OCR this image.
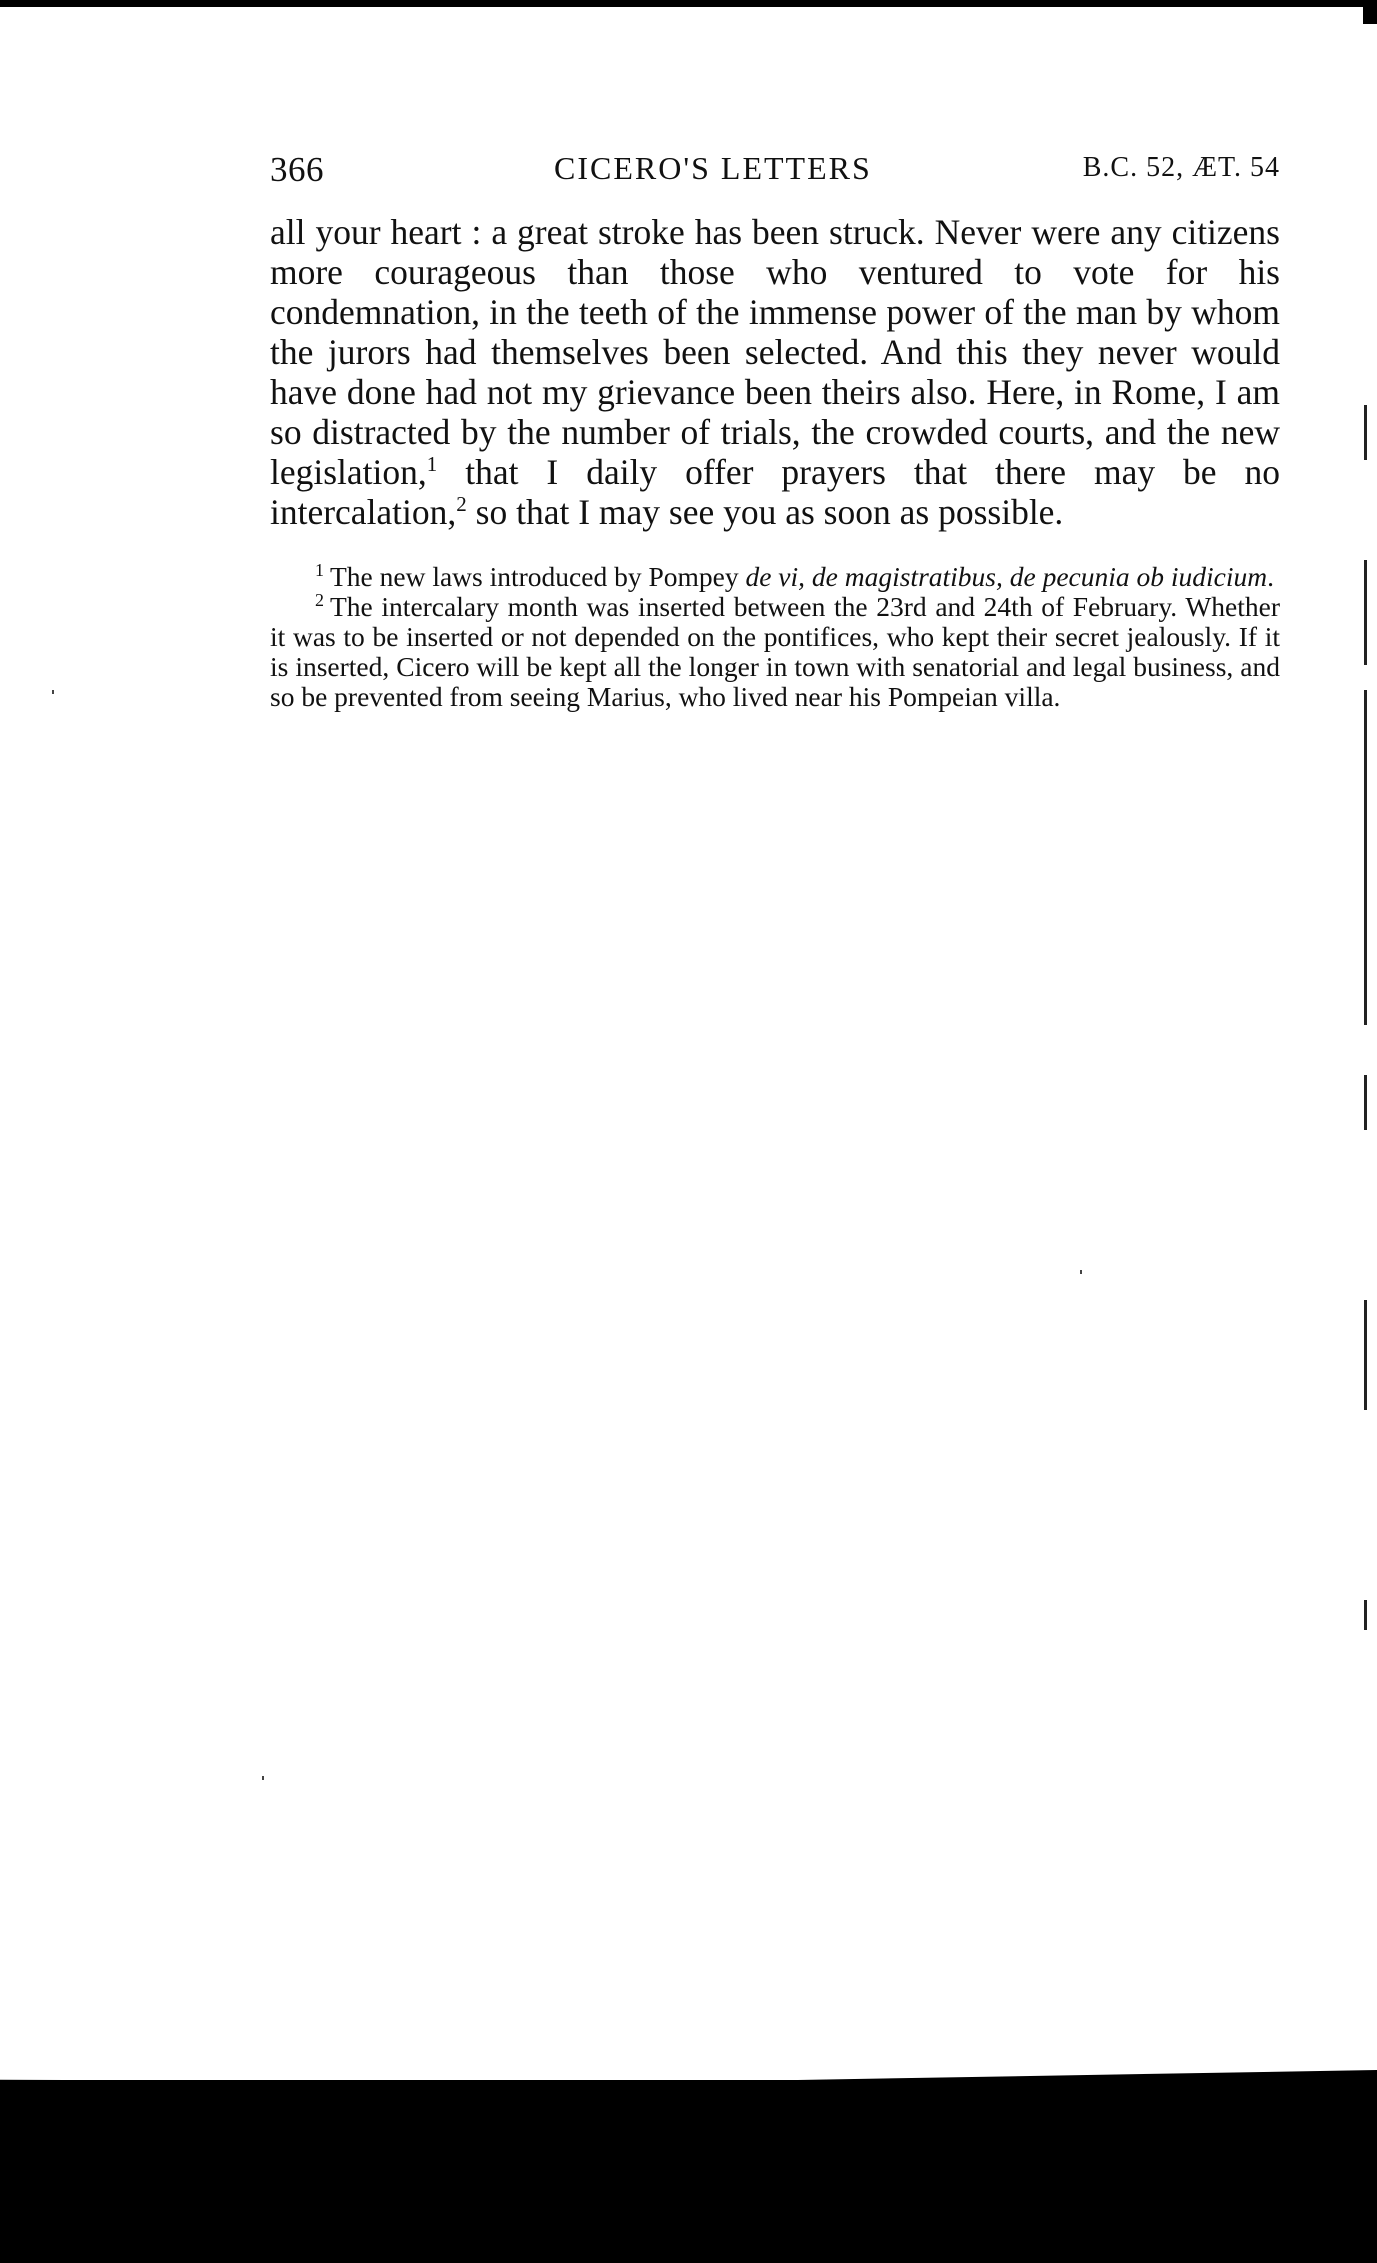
366	CICERO'S LETTERS	B.C. 52, ÆT. 54

all your heart : a great stroke has been struck. Never were any citizens more courageous than those who ventured to vote for his condemnation, in the teeth of the immense power of the man by whom the jurors had themselves been selected. And this they never would have done had not my grievance been theirs also. Here, in Rome, I am so distracted by the number of trials, the crowded courts, and the new legislation,$^1$ that I daily offer prayers that there may be no intercalation,$^2$ so that I may see you as soon as possible.

$^1$ The new laws introduced by Pompey de vi, de magistratibus, de pecunia ob iudicium.

$^2$ The intercalary month was inserted between the 23rd and 24th of February. Whether it was to be inserted or not depended on the pontifices, who kept their secret jealously. If it is inserted, Cicero will be kept all the longer in town with senatorial and legal business, and so be prevented from seeing Marius, who lived near his Pompeian villa.
